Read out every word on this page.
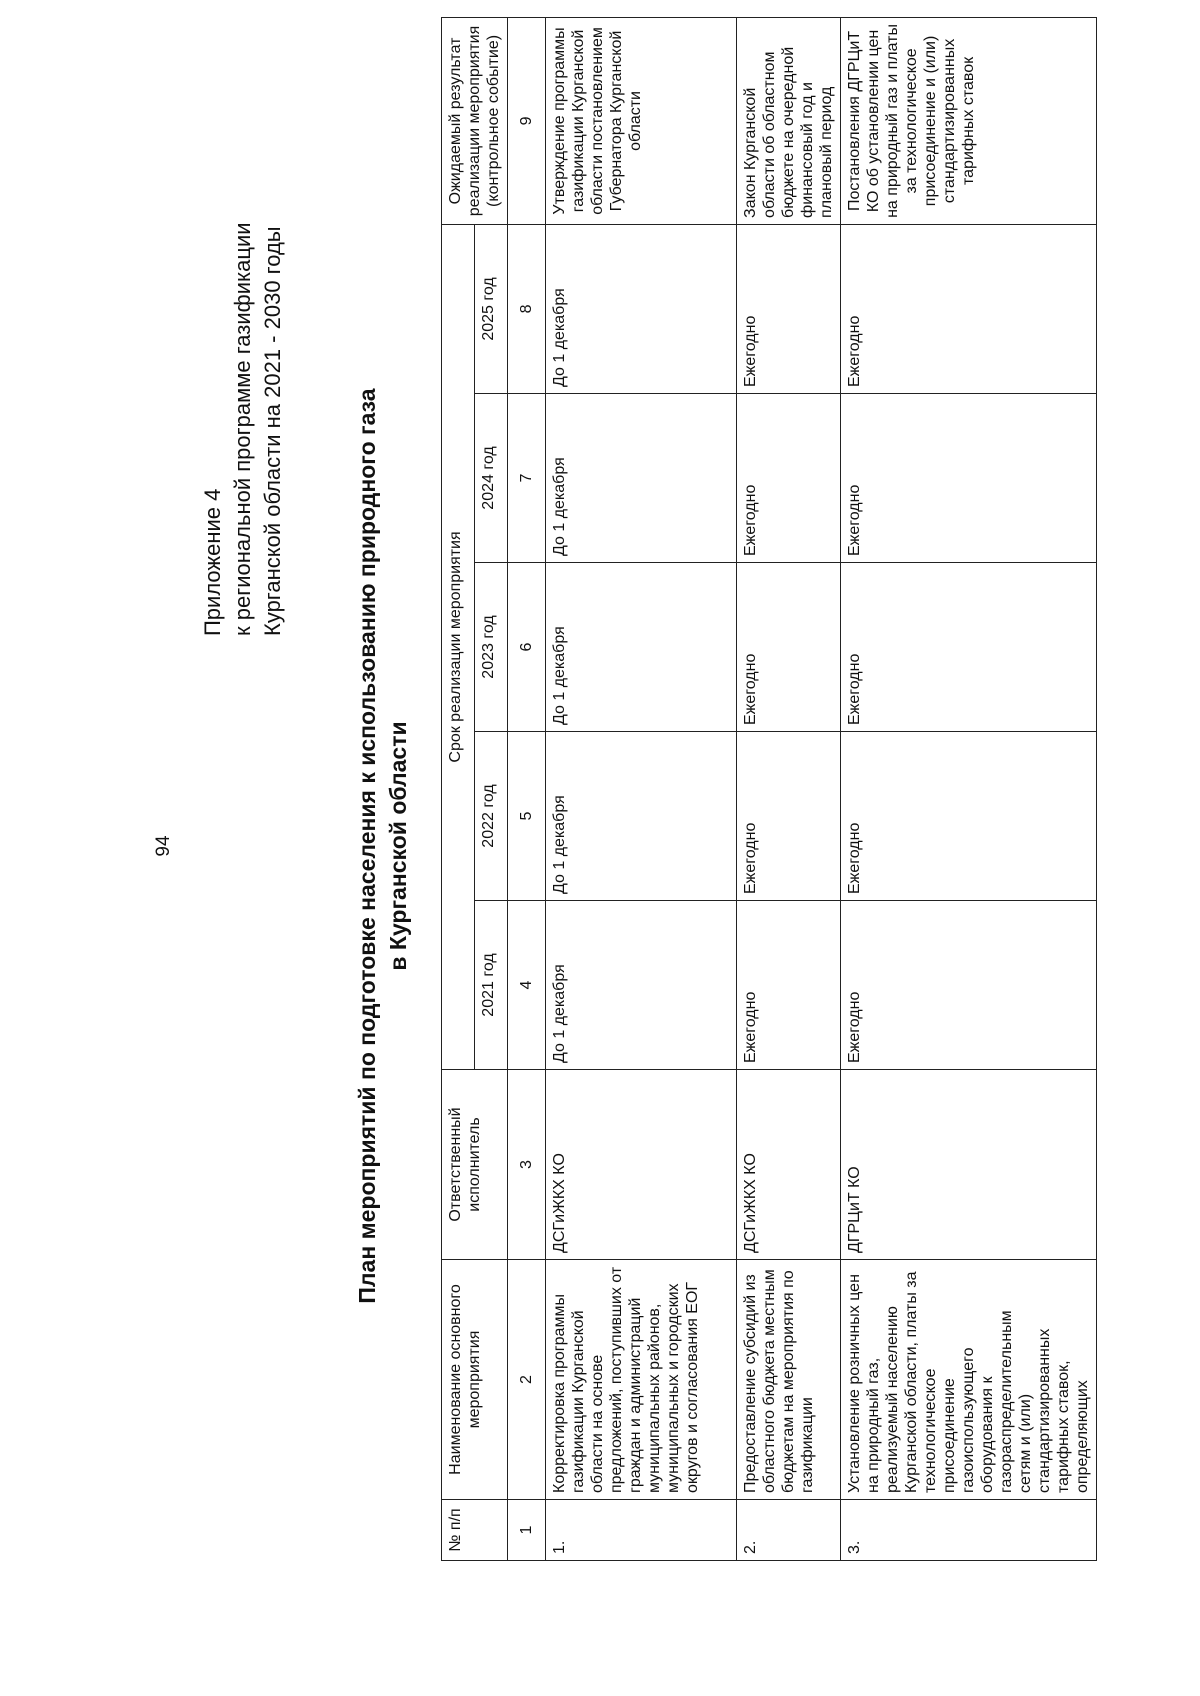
94
Приложение 4 к региональной программе газификации Курганской области на 2021 - 2030 годы	План мероприятий по подготовке населения к использованию природного газа в Курганской области
№ п/п	Наименование основного мероприятия	Ответственный исполнитель	Срок реализации мероприятия					Ожидаемый результат реализации мероприятия (контрольное событие)
			2021 год	2022 год	2023 год	2024 год	2025 год	
1	2	3	4	5	6	7	8	9
1.	Корректировка программы газификации Курганской области на основе предложений, поступивших от граждан и администраций муниципальных районов, муниципальных и городских округов и согласования ЕОГ	ДСГиЖКХ КО	До 1 декабря	До 1 декабря	До 1 декабря	До 1 декабря	До 1 декабря	Утверждение программы газификации Курганской области постановлением Губернатора Курганской области
2.	Предоставление субсидий из областного бюджета местным бюджетам на мероприятия по газификации	ДСГиЖКХ КО	Ежегодно	Ежегодно	Ежегодно	Ежегодно	Ежегодно	Закон Курганской области об областном бюджете на очередной финансовый год и плановый период
3.	Установление розничных цен на природный газ, реализуемый населению Курганской области, платы за технологическое присоединение газоиспользующего оборудования к газораспределительным сетям и (или) стандартизированных тарифных ставок, определяющих	ДГРЦиТ КО	Ежегодно	Ежегодно	Ежегодно	Ежегодно	Ежегодно	Постановления ДГРЦиТ КО об установлении цен на природный газ и платы за технологическое присоединение и (или) стандартизированных тарифных ставок
